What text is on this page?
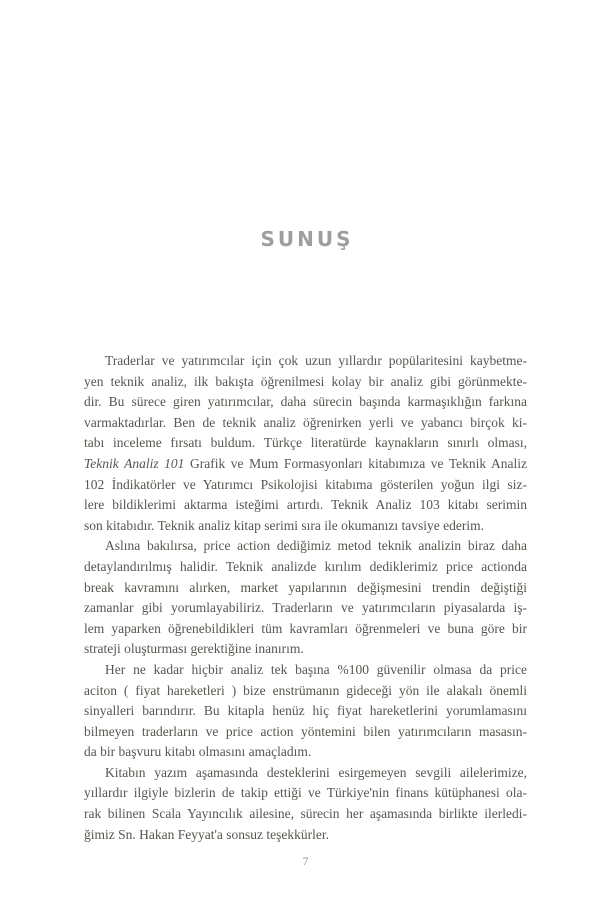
SUNUŞ
Traderlar ve yatırımcılar için çok uzun yıllardır popülaritesini kaybetme-
yen teknik analiz, ilk bakışta öğrenilmesi kolay bir analiz gibi görünmekte-
dir. Bu sürece giren yatırımcılar, daha sürecin başında karmaşıklığın farkına
varmaktadırlar. Ben de teknik analiz öğrenirken yerli ve yabancı birçok ki-
tabı inceleme fırsatı buldum. Türkçe literatürde kaynakların sınırlı olması,
Teknik Analiz 101 Grafik ve Mum Formasyonları kitabımıza ve Teknik Analiz
102 İndikatörler ve Yatırımcı Psikolojisi kitabıma gösterilen yoğun ilgi siz-
lere bildiklerimi aktarma isteğimi artırdı. Teknik Analiz 103 kitabı serimin
son kitabıdır. Teknik analiz kitap serimi sıra ile okumanızı tavsiye ederim.
Aslına bakılırsa, price action dediğimiz metod teknik analizin biraz daha
detaylandırılmış halidir. Teknik analizde kırılım dediklerimiz price actionda
break kavramını alırken, market yapılarının değişmesini trendin değiştiği
zamanlar gibi yorumlayabiliriz. Traderların ve yatırımcıların piyasalarda iş-
lem yaparken öğrenebildikleri tüm kavramları öğrenmeleri ve buna göre bir
strateji oluşturması gerektiğine inanırım.
Her ne kadar hiçbir analiz tek başına %100 güvenilir olmasa da price
aciton ( fiyat hareketleri ) bize enstrümanın gideceği yön ile alakalı önemli
sinyalleri barındırır. Bu kitapla henüz hiç fiyat hareketlerini yorumlamasını
bilmeyen traderların ve price action yöntemini bilen yatırımcıların masasın-
da bir başvuru kitabı olmasını amaçladım.
Kitabın yazım aşamasında desteklerini esirgemeyen sevgili ailelerimize,
yıllardır ilgiyle bizlerin de takip ettiği ve Türkiye'nin finans kütüphanesi ola-
rak bilinen Scala Yayıncılık ailesine, sürecin her aşamasında birlikte ilerledi-
ğimiz Sn. Hakan Feyyat'a sonsuz teşekkürler.
7
